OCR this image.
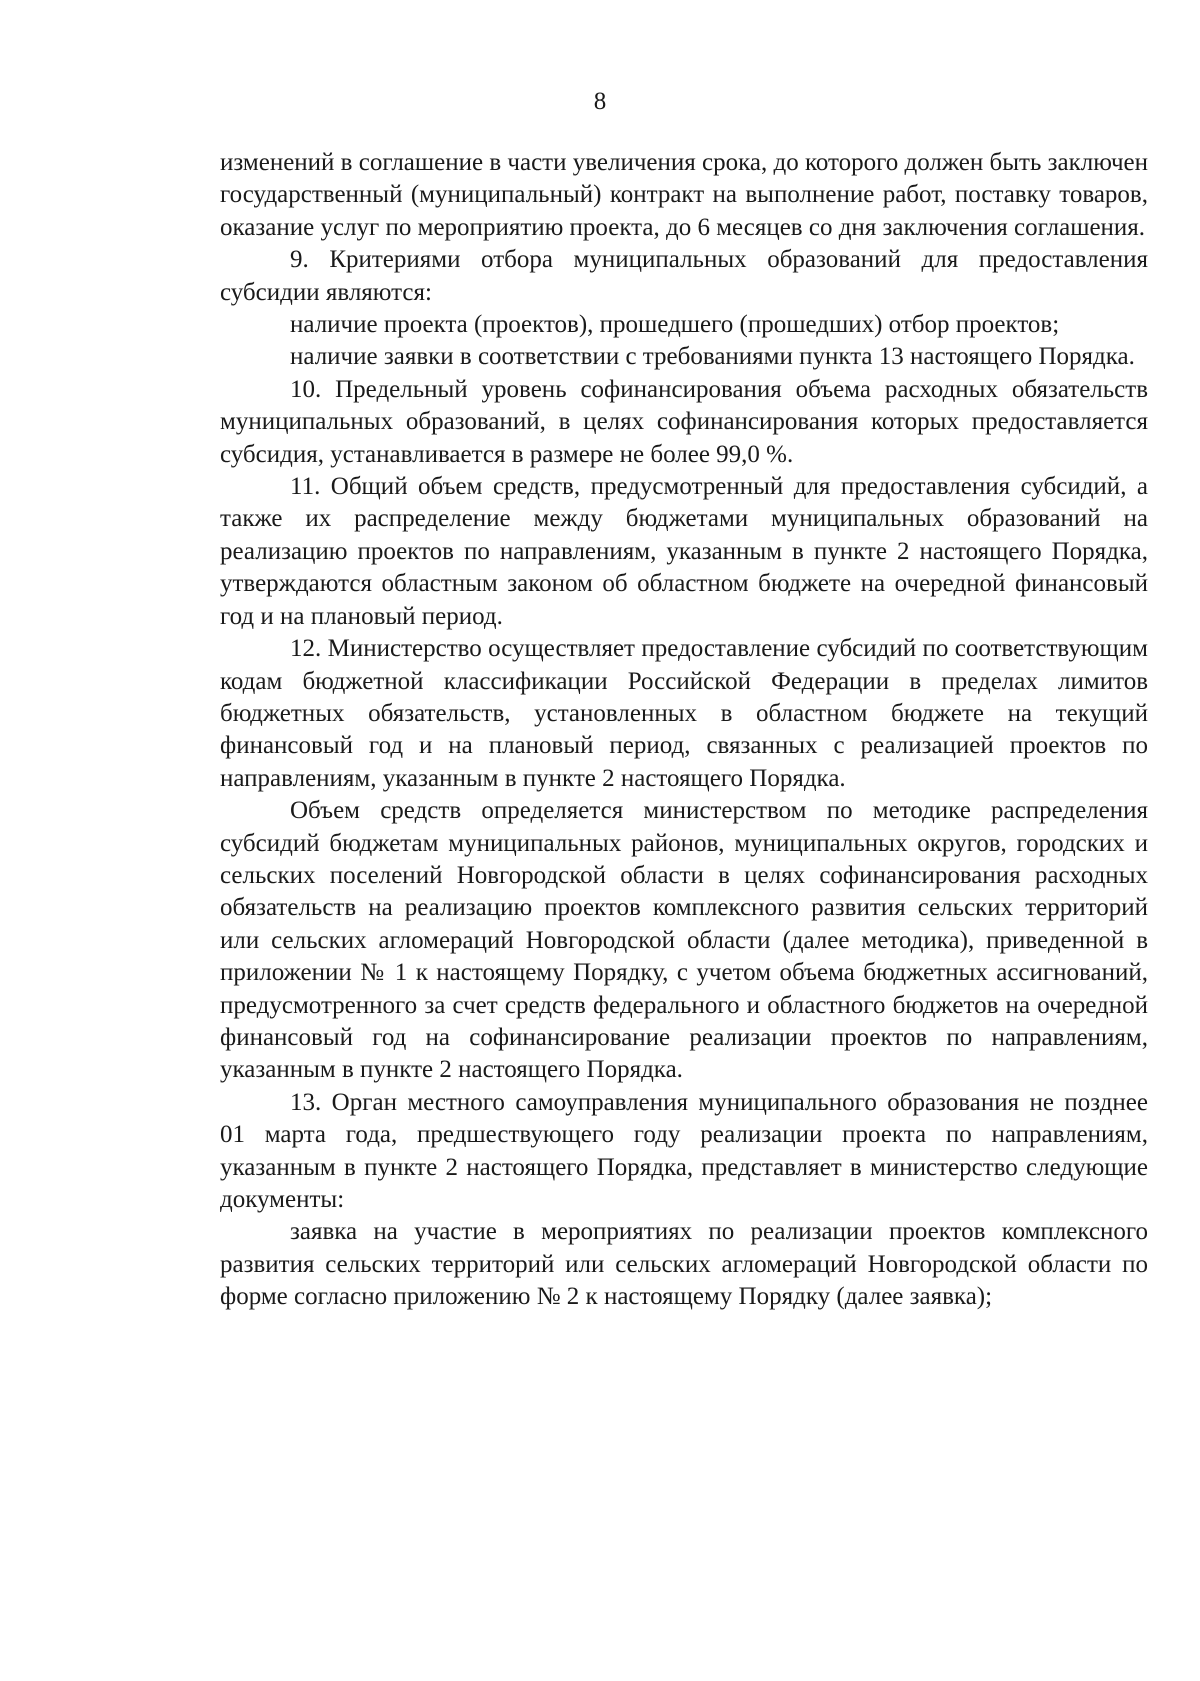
8

изменений в соглашение в части увеличения срока, до которого должен быть заключен государственный (муниципальный) контракт на выполнение работ, поставку товаров, оказание услуг по мероприятию проекта, до 6 месяцев со дня заключения соглашения.

9. Критериями отбора муниципальных образований для предоставления субсидии являются:

наличие проекта (проектов), прошедшего (прошедших) отбор проектов;

наличие заявки в соответствии с требованиями пункта 13 настоящего Порядка.

10. Предельный уровень софинансирования объема расходных обязательств муниципальных образований, в целях софинансирования которых предоставляется субсидия, устанавливается в размере не более 99,0 %.

11. Общий объем средств, предусмотренный для предоставления субсидий, а также их распределение между бюджетами муниципальных образований на реализацию проектов по направлениям, указанным в пункте 2 настоящего Порядка, утверждаются областным законом об областном бюджете на очередной финансовый год и на плановый период.

12. Министерство осуществляет предоставление субсидий по соответствующим кодам бюджетной классификации Российской Федерации в пределах лимитов бюджетных обязательств, установленных в областном бюджете на текущий финансовый год и на плановый период, связанных с реализацией проектов по направлениям, указанным в пункте 2 настоящего Порядка.

Объем средств определяется министерством по методике распределения субсидий бюджетам муниципальных районов, муниципальных округов, городских и сельских поселений Новгородской области в целях софинансирования расходных обязательств на реализацию проектов комплексного развития сельских территорий или сельских агломераций Новгородской области (далее методика), приведенной в приложении № 1 к настоящему Порядку, с учетом объема бюджетных ассигнований, предусмотренного за счет средств федерального и областного бюджетов на очередной финансовый год на софинансирование реализации проектов по направлениям, указанным в пункте 2 настоящего Порядка.

13. Орган местного самоуправления муниципального образования не позднее 01 марта года, предшествующего году реализации проекта по направлениям, указанным в пункте 2 настоящего Порядка, представляет в министерство следующие документы:

заявка на участие в мероприятиях по реализации проектов комплексного развития сельских территорий или сельских агломераций Новгородской области по форме согласно приложению № 2 к настоящему Порядку (далее заявка);
